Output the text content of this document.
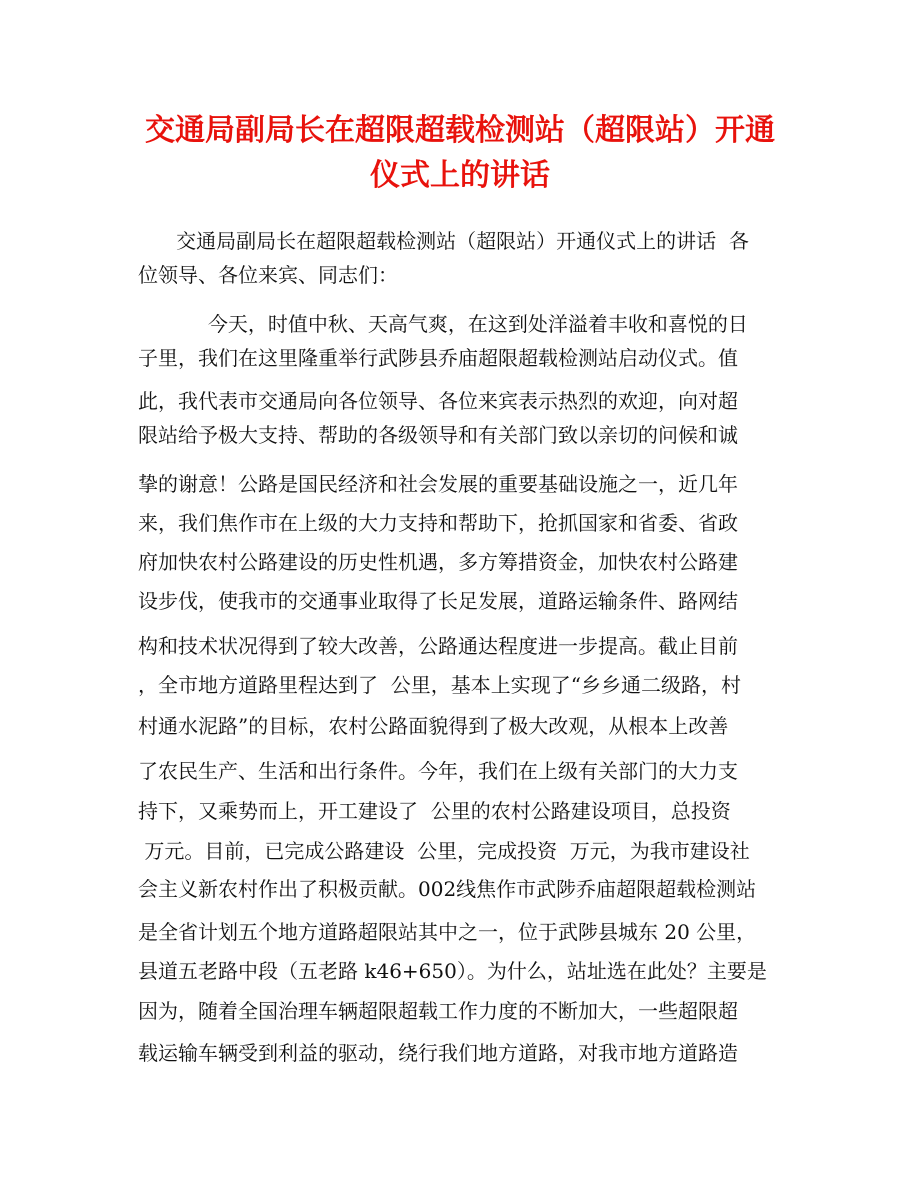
交通局副局长在超限超载检测站（超限站）开通
仪式上的讲话

交通局副局长在超限超载检测站（超限站）开通仪式上的讲话  各

位领导、各位来宾、同志们：

今天，时值中秋、天高气爽，在这到处洋溢着丰收和喜悦的日

子里，我们在这里隆重举行武陟县乔庙超限超载检测站启动仪式。值

此，我代表市交通局向各位领导、各位来宾表示热烈的欢迎，向对超

限站给予极大支持、帮助的各级领导和有关部门致以亲切的问候和诚

挚的谢意！公路是国民经济和社会发展的重要基础设施之一，近几年

来，我们焦作市在上级的大力支持和帮助下，抢抓国家和省委、省政

府加快农村公路建设的历史性机遇，多方筹措资金，加快农村公路建

设步伐，使我市的交通事业取得了长足发展，道路运输条件、路网结

构和技术状况得到了较大改善，公路通达程度进一步提高。截止目前

，全市地方道路里程达到了  公里，基本上实现了“乡乡通二级路，村

村通水泥路”的目标，农村公路面貌得到了极大改观，从根本上改善

了农民生产、生活和出行条件。今年，我们在上级有关部门的大力支

持下，又乘势而上，开工建设了  公里的农村公路建设项目，总投资

万元。目前，已完成公路建设  公里，完成投资  万元，为我市建设社

会主义新农村作出了积极贡献。002线焦作市武陟乔庙超限超载检测站

是全省计划五个地方道路超限站其中之一，位于武陟县城东 20 公里，

县道五老路中段（五老路 k46+650）。为什么，站址选在此处？主要是

因为，随着全国治理车辆超限超载工作力度的不断加大，一些超限超

载运输车辆受到利益的驱动，绕行我们地方道路，对我市地方道路造
